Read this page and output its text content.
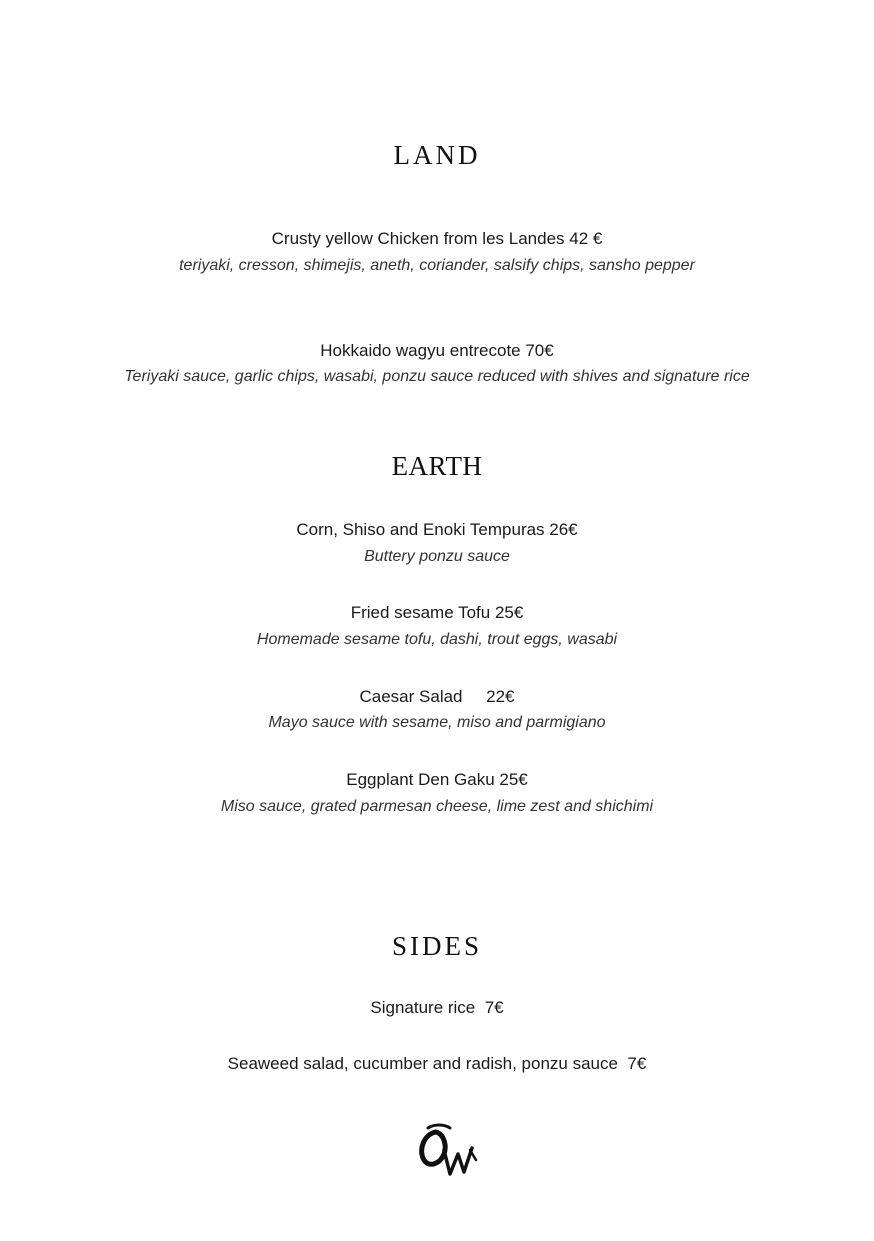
LAND
Crusty yellow Chicken from les Landes 42 €
teriyaki, cresson, shimejis, aneth, coriander, salsify chips, sansho pepper
Hokkaido wagyu entrecote 70€
Teriyaki sauce, garlic chips, wasabi, ponzu sauce reduced with shives and signature rice
EARTH
Corn, Shiso and Enoki Tempuras 26€
Buttery ponzu sauce
Fried sesame Tofu 25€
Homemade sesame tofu, dashi, trout eggs, wasabi
Caesar Salad     22€
Mayo sauce with sesame, miso and parmigiano
Eggplant Den Gaku 25€
Miso sauce, grated parmesan cheese, lime zest and shichimi
SIDES
Signature rice  7€
Seaweed salad, cucumber and radish, ponzu sauce  7€
